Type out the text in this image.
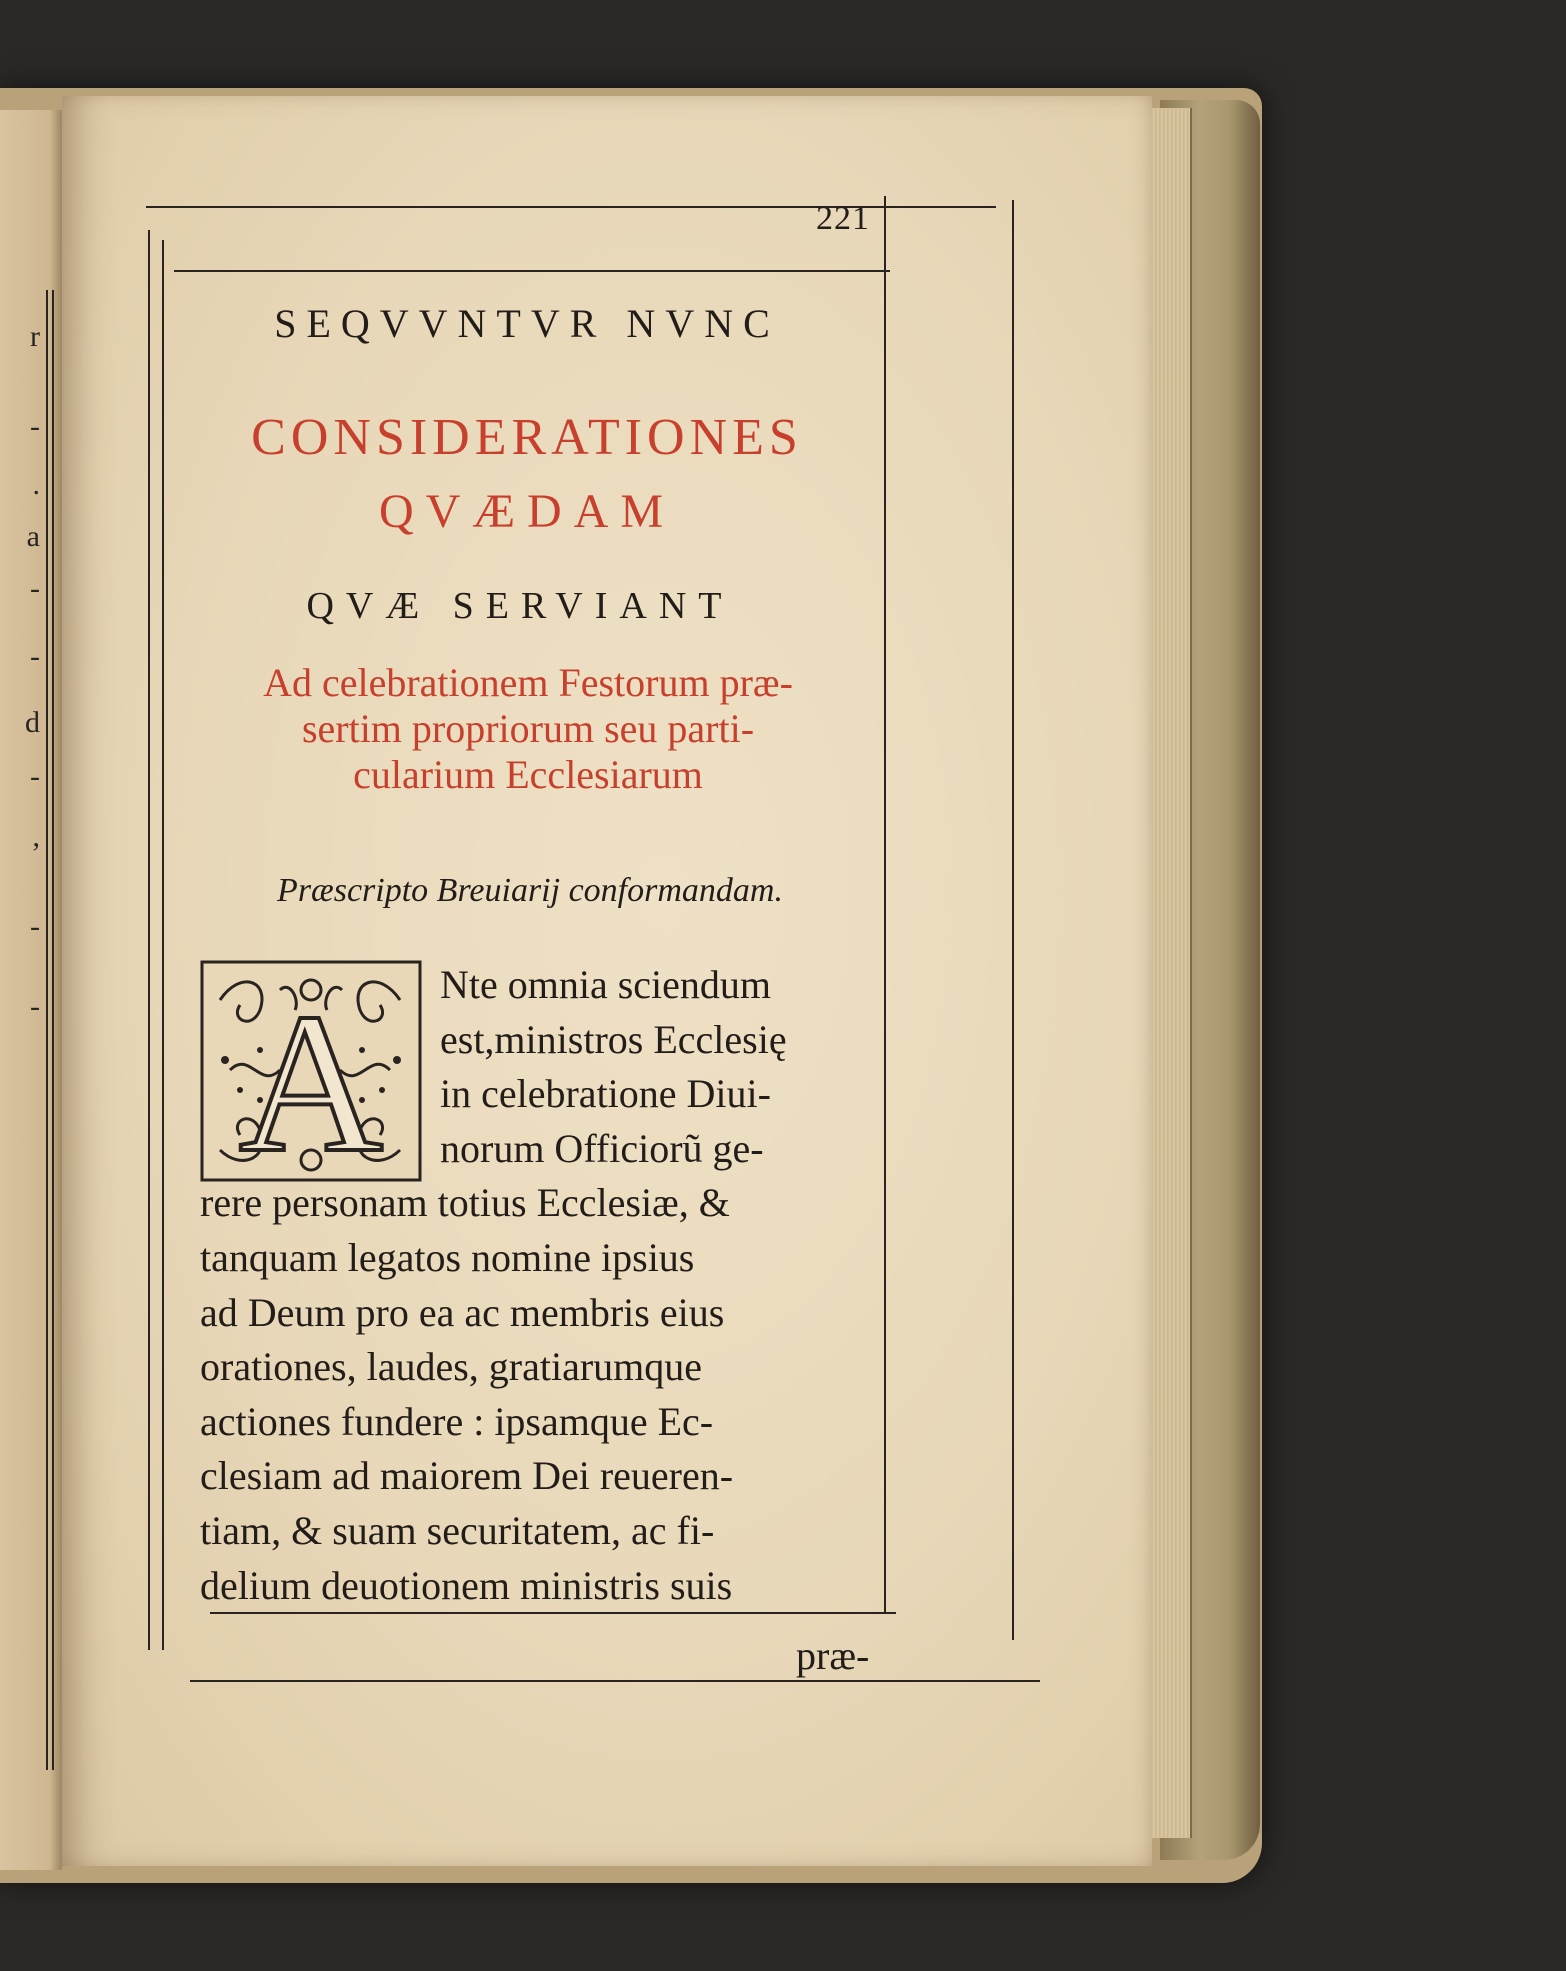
r
-
.
a
-
-
d
-
,
-
-
221
SEQVVNTVR NVNC
CONSIDERATIONES
QVÆDAM
QVÆ SERVIANT
Ad celebrationem Festorum præ-
sertim propriorum seu parti-
cularium Ecclesiarum
Præscripto Breuiarij conformandam.
A	Nte omnia sciendum
est,ministros Ecclesię
in celebratione Diui-
norum Officiorũ ge-
rere personam totius Ecclesiæ, &
tanquam legatos nomine ipsius
ad Deum pro ea ac membris eius
orationes, laudes, gratiarumque
actiones fundere : ipsamque Ec-
clesiam ad maiorem Dei reueren-
tiam, & suam securitatem, ac fi-
delium deuotionem ministris suis
præ-
